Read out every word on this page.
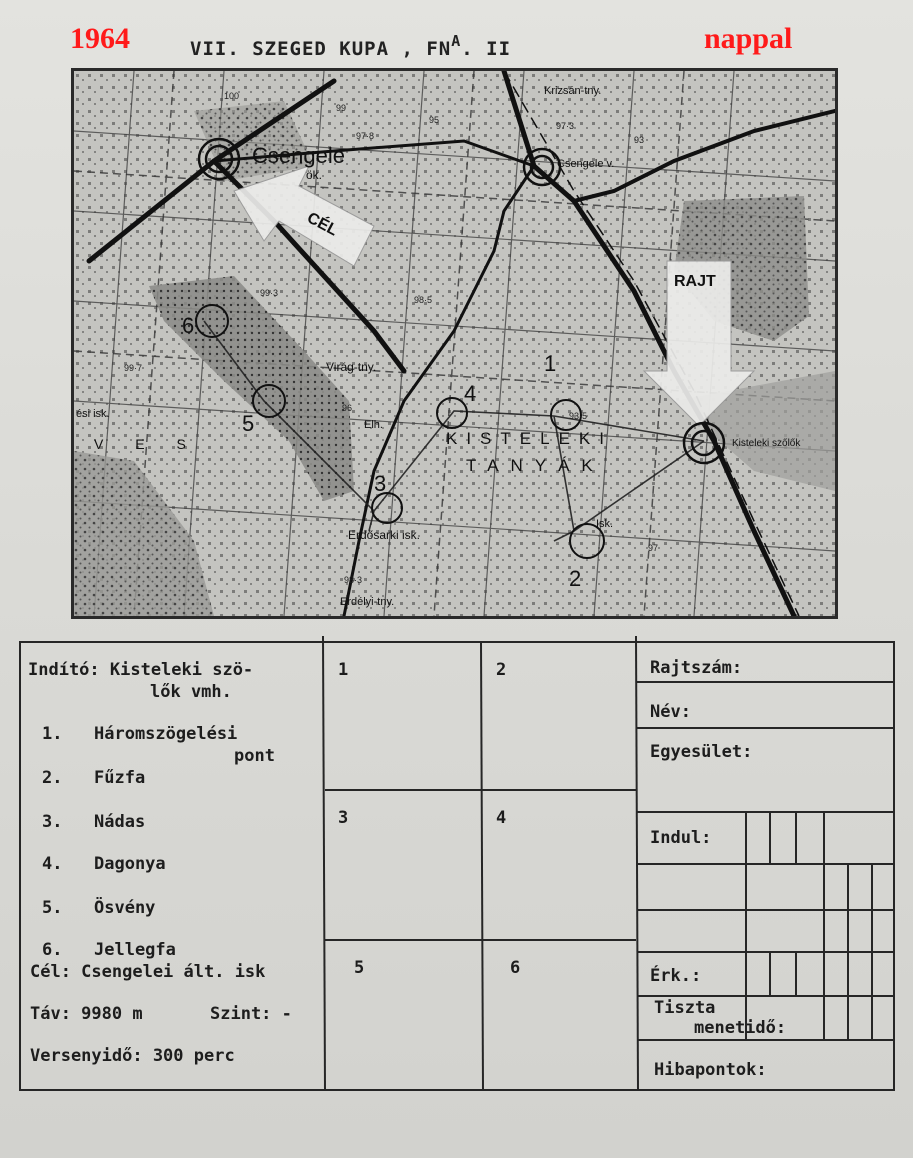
1964	nappal
VII. SZEGED KUPA , $FN^A$. II
CÉL
RAJT
6
5
3
4
2
1
Csengele
Krizsán-tny.
Csengele v.
Virág-tny.
KISTELEKI
TANYÁK
Kisteleki szőlők
Erdősarki isk.
Erdélyi-tny.
Isk.
ési isk.
V E S
ök.
Elh.
100
99
97·8
95
97·3
93
98·5
99·3
98·3
96
93·5
97
99·7
Indító: Kisteleki szö-
lők vmh.
1. Háromszögelési
pont
2. Fűzfa
3. Nádas
4. Dagonya
5. Ösvény
6. Jellegfa
Cél: Csengelei ált. isk
Táv: 9980 m	Szint: -
Versenyidő: 300 perc
1	2
3	4
5	6
Rajtszám:
Név:
Egyesület:
Indul:
Érk.:
Tiszta
menetidő:
Hibapontok:
